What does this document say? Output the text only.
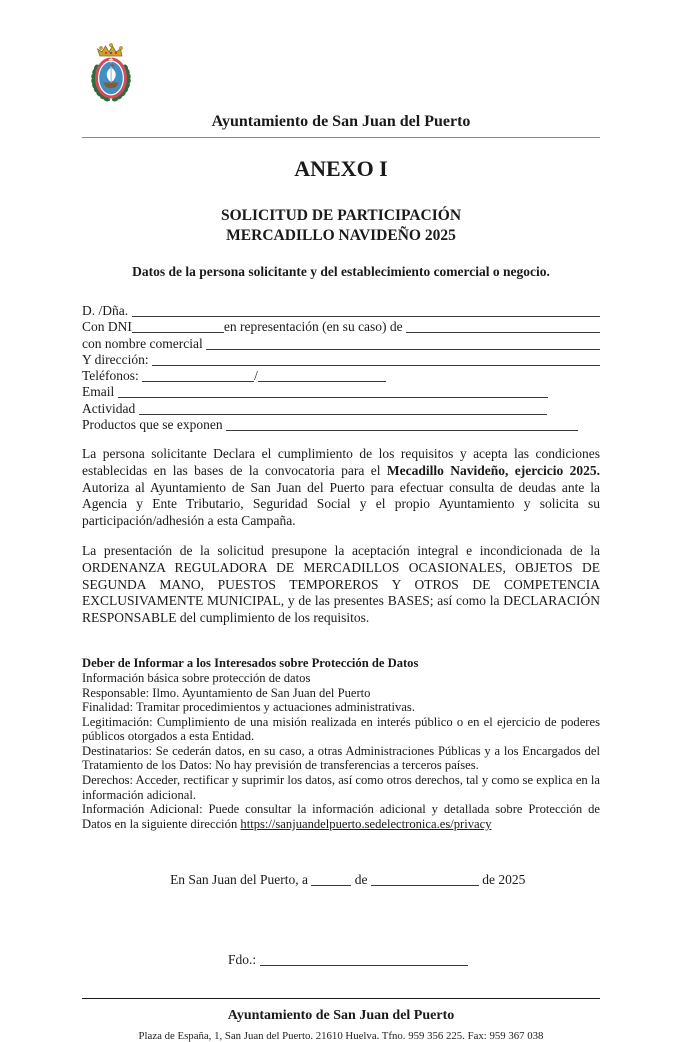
Ayuntamiento de San Juan del Puerto
ANEXO I
SOLICITUD DE PARTICIPACIÓN
MERCADILLO NAVIDEÑO 2025
Datos de la persona solicitante y del establecimiento comercial o negocio.
D. /Dña.
Con DNI	en representación (en su caso) de
con nombre comercial
Y dirección:
Teléfonos:	/
Email
Actividad
Productos que se exponen

La persona solicitante Declara el cumplimiento de los requisitos y acepta las condiciones establecidas en las bases de la convocatoria para el Mecadillo Navideño, ejercicio 2025. Autoriza al Ayuntamiento de San Juan del Puerto para efectuar consulta de deudas ante la Agencia y Ente Tributario, Seguridad Social y el propio Ayuntamiento y solicita su participación/adhesión a esta Campaña.

La presentación de la solicitud presupone la aceptación integral e incondicionada de la ORDENANZA REGULADORA DE MERCADILLOS OCASIONALES, OBJETOS DE SEGUNDA MANO, PUESTOS TEMPOREROS Y OTROS DE COMPETENCIA EXCLUSIVAMENTE MUNICIPAL, y de las presentes BASES; así como la DECLARACIÓN RESPONSABLE del cumplimiento de los requisitos.

Deber de Informar a los Interesados sobre Protección de Datos
Información básica sobre protección de datos
Responsable: Ilmo. Ayuntamiento de San Juan del Puerto
Finalidad: Tramitar procedimientos y actuaciones administrativas.
Legitimación: Cumplimiento de una misión realizada en interés público o en el ejercicio de poderes públicos otorgados a esta Entidad.
Destinatarios: Se cederán datos, en su caso, a otras Administraciones Públicas y a los Encargados del Tratamiento de los Datos: No hay previsión de transferencias a terceros países.
Derechos: Acceder, rectificar y suprimir los datos, así como otros derechos, tal y como se explica en la información adicional.
Información Adicional: Puede consultar la información adicional y detallada sobre Protección de Datos en la siguiente dirección https://sanjuandelpuerto.sedelectronica.es/privacy

En San Juan del Puerto, a	de	de 2025

Fdo.:

Ayuntamiento de San Juan del Puerto
Plaza de España, 1, San Juan del Puerto. 21610 Huelva. Tfno. 959 356 225. Fax: 959 367 038
